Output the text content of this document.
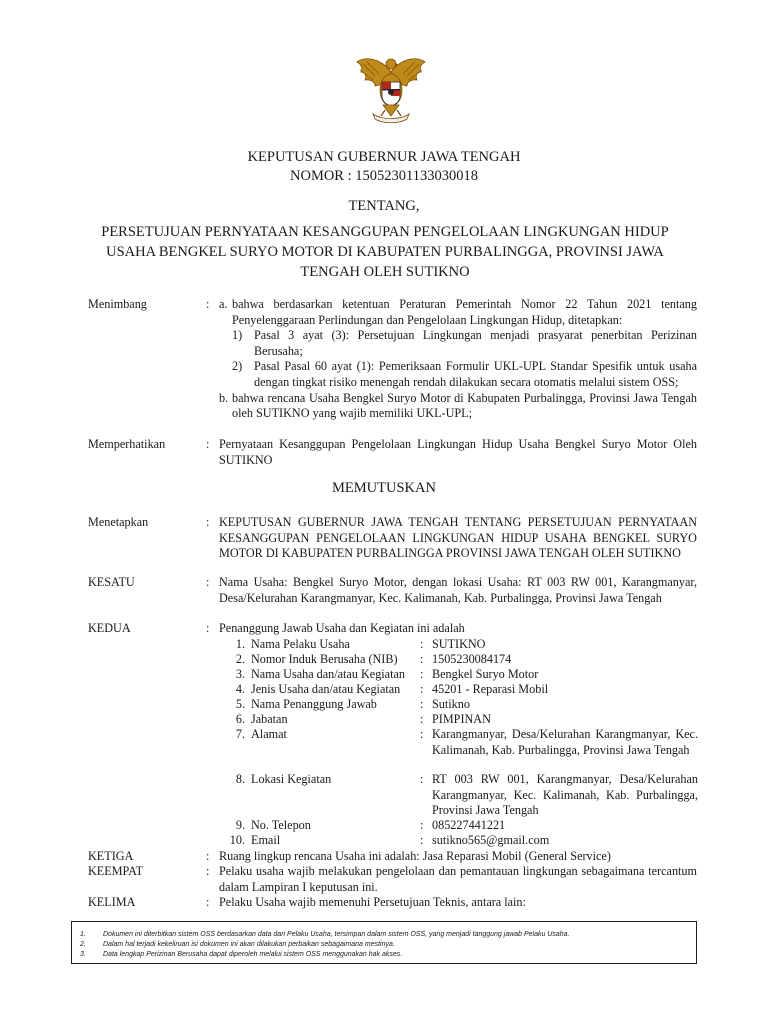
KEPUTUSAN GUBERNUR JAWA TENGAH
NOMOR : 15052301133030018
TENTANG,
PERSETUJUAN PERNYATAAN KESANGGUPAN PENGELOLAAN LINGKUNGAN HIDUP USAHA BENGKEL SURYO MOTOR DI KABUPATEN PURBALINGGA, PROVINSI JAWA TENGAH OLEH SUTIKNO
Menimbang	: a. bahwa berdasarkan ketentuan Peraturan Pemerintah Nomor 22 Tahun 2021 tentang Penyelenggaraan Perlindungan dan Pengelolaan Lingkungan Hidup, ditetapkan:
1) Pasal 3 ayat (3): Persetujuan Lingkungan menjadi prasyarat penerbitan Perizinan Berusaha;
2) Pasal Pasal 60 ayat (1): Pemeriksaan Formulir UKL-UPL Standar Spesifik untuk usaha dengan tingkat risiko menengah rendah dilakukan secara otomatis melalui sistem OSS;
b. bahwa rencana Usaha Bengkel Suryo Motor di Kabupaten Purbalingga, Provinsi Jawa Tengah oleh SUTIKNO yang wajib memiliki UKL-UPL;
Memperhatikan	: Pernyataan Kesanggupan Pengelolaan Lingkungan Hidup Usaha Bengkel Suryo Motor Oleh SUTIKNO
MEMUTUSKAN
Menetapkan	: KEPUTUSAN GUBERNUR JAWA TENGAH TENTANG PERSETUJUAN PERNYATAAN KESANGGUPAN PENGELOLAAN LINGKUNGAN HIDUP USAHA BENGKEL SURYO MOTOR DI KABUPATEN PURBALINGGA PROVINSI JAWA TENGAH OLEH SUTIKNO
KESATU	: Nama Usaha: Bengkel Suryo Motor, dengan lokasi Usaha: RT 003 RW 001, Karangmanyar, Desa/Kelurahan Karangmanyar, Kec. Kalimanah, Kab. Purbalingga, Provinsi Jawa Tengah
KEDUA	: Penanggung Jawab Usaha dan Kegiatan ini adalah
1. Nama Pelaku Usaha	: SUTIKNO
2. Nomor Induk Berusaha (NIB) : 1505230084174
3. Nama Usaha dan/atau Kegiatan : Bengkel Suryo Motor
4. Jenis Usaha dan/atau Kegiatan : 45201 - Reparasi Mobil
5. Nama Penanggung Jawab	: Sutikno
6. Jabatan	: PIMPINAN
7. Alamat	: Karangmanyar, Desa/Kelurahan Karangmanyar, Kec. Kalimanah, Kab. Purbalingga, Provinsi Jawa Tengah
8. Lokasi Kegiatan	: RT 003 RW 001, Karangmanyar, Desa/Kelurahan Karangmanyar, Kec. Kalimanah, Kab. Purbalingga, Provinsi Jawa Tengah
9. No. Telepon	: 085227441221
10. Email	: sutikno565@gmail.com
KETIGA	: Ruang lingkup rencana Usaha ini adalah: Jasa Reparasi Mobil (General Service)
KEEMPAT	: Pelaku usaha wajib melakukan pengelolaan dan pemantauan lingkungan sebagaimana tercantum dalam Lampiran I keputusan ini.
KELIMA	: Pelaku Usaha wajib memenuhi Persetujuan Teknis, antara lain:
1. Dokumen ini diterbitkan sistem OSS berdasarkan data dari Pelaku Usaha, tersimpan dalam sistem OSS, yang menjadi tanggung jawab Pelaku Usaha.
2. Dalam hal terjadi kekeliruan isi dokumen ini akan dilakukan perbaikan sebagaimana mestinya.
3. Data lengkap Perizinan Berusaha dapat diperoleh melalui sistem OSS menggunakan hak akses.
